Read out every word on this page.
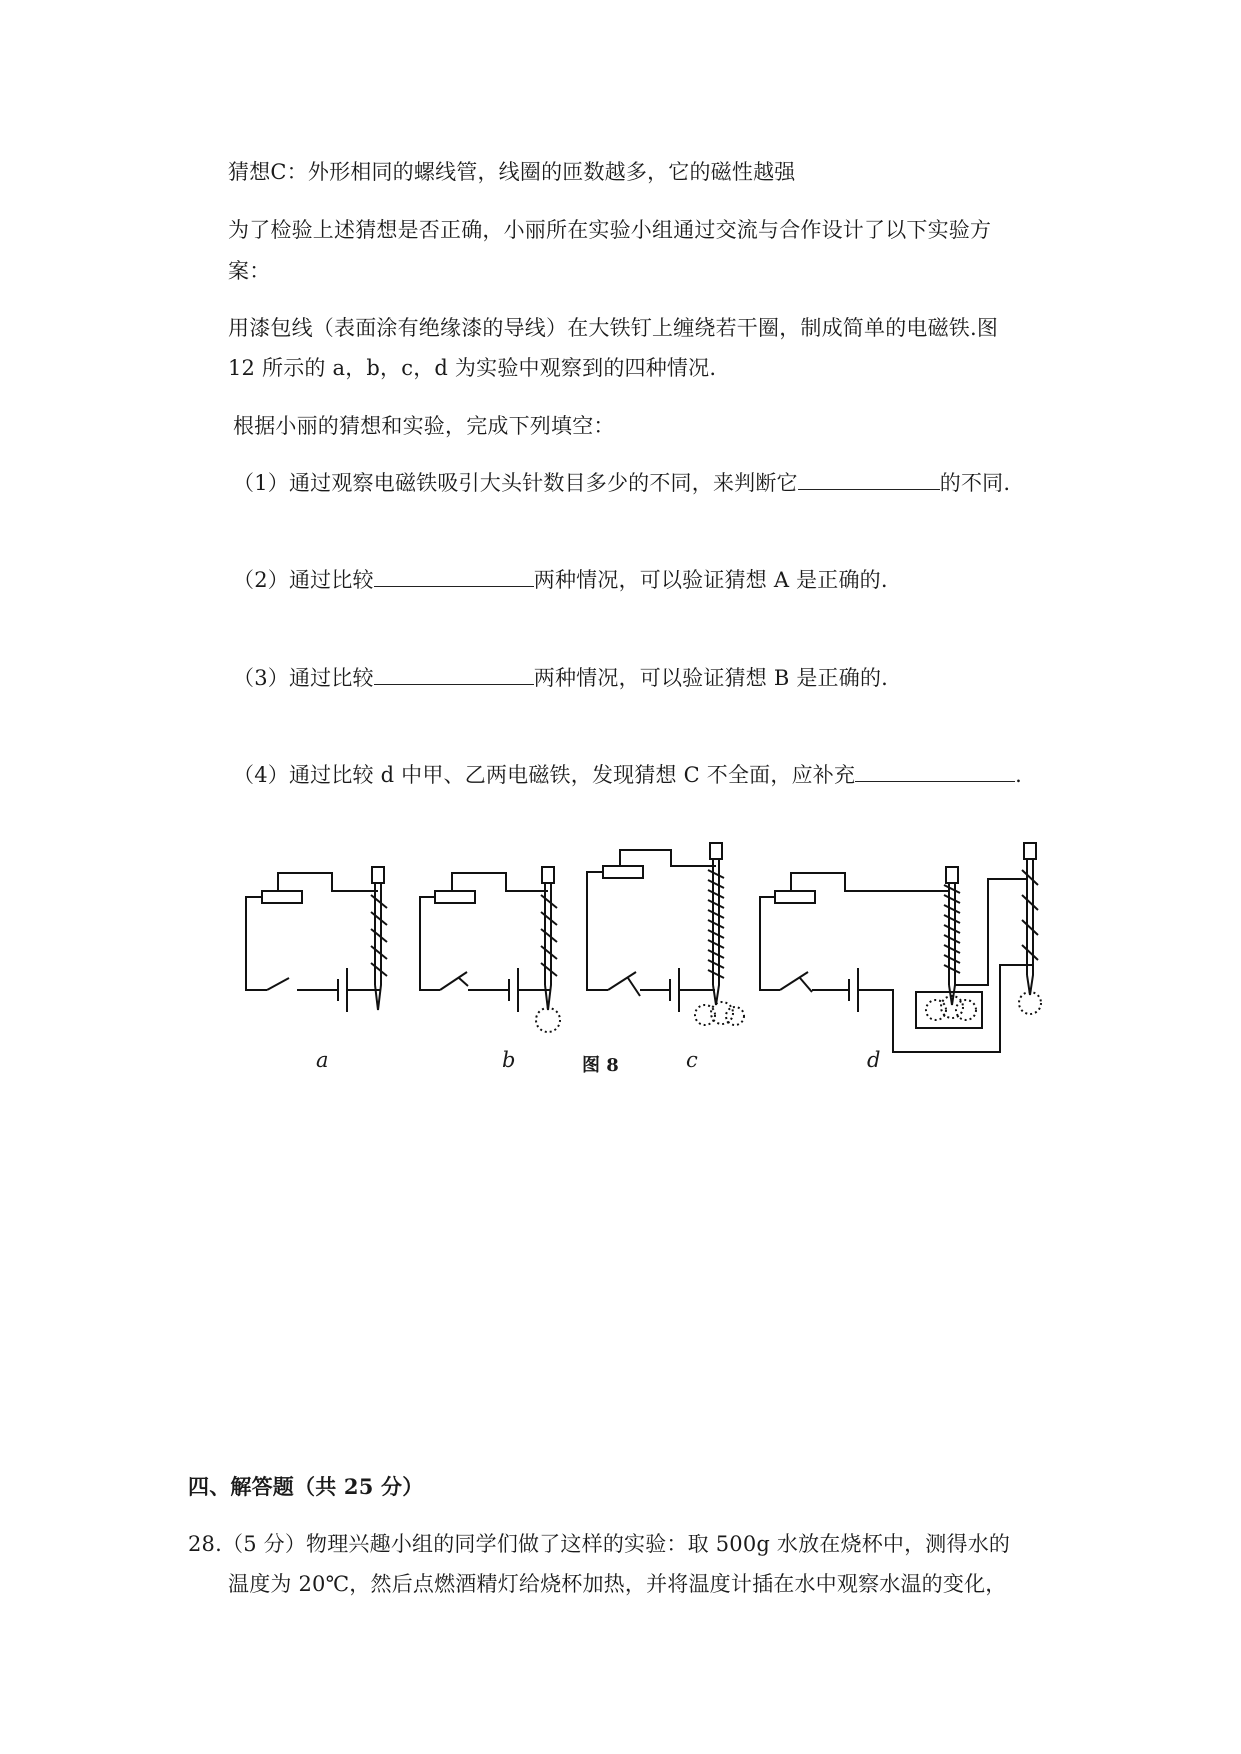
猜想C：外形相同的螺线管，线圈的匝数越多，它的磁性越强
为了检验上述猜想是否正确，小丽所在实验小组通过交流与合作设计了以下实验方
案：
用漆包线（表面涂有绝缘漆的导线）在大铁钉上缠绕若干圈，制成简单的电磁铁.图
12 所示的 a，b，c，d 为实验中观察到的四种情况.
根据小丽的猜想和实验，完成下列填空：
（1）通过观察电磁铁吸引大头针数目多少的不同，来判断它	的不同.
（2）通过比较	两种情况，可以验证猜想 A 是正确的.
（3）通过比较	两种情况，可以验证猜想 B 是正确的.
（4）通过比较 d 中甲、乙两电磁铁，发现猜想 C 不全面，应补充	.
a	b	图 8	c	d
四、解答题（共 25 分）
28.（5 分）物理兴趣小组的同学们做了这样的实验：取 500g 水放在烧杯中，测得水的
温度为 20℃，然后点燃酒精灯给烧杯加热，并将温度计插在水中观察水温的变化，
